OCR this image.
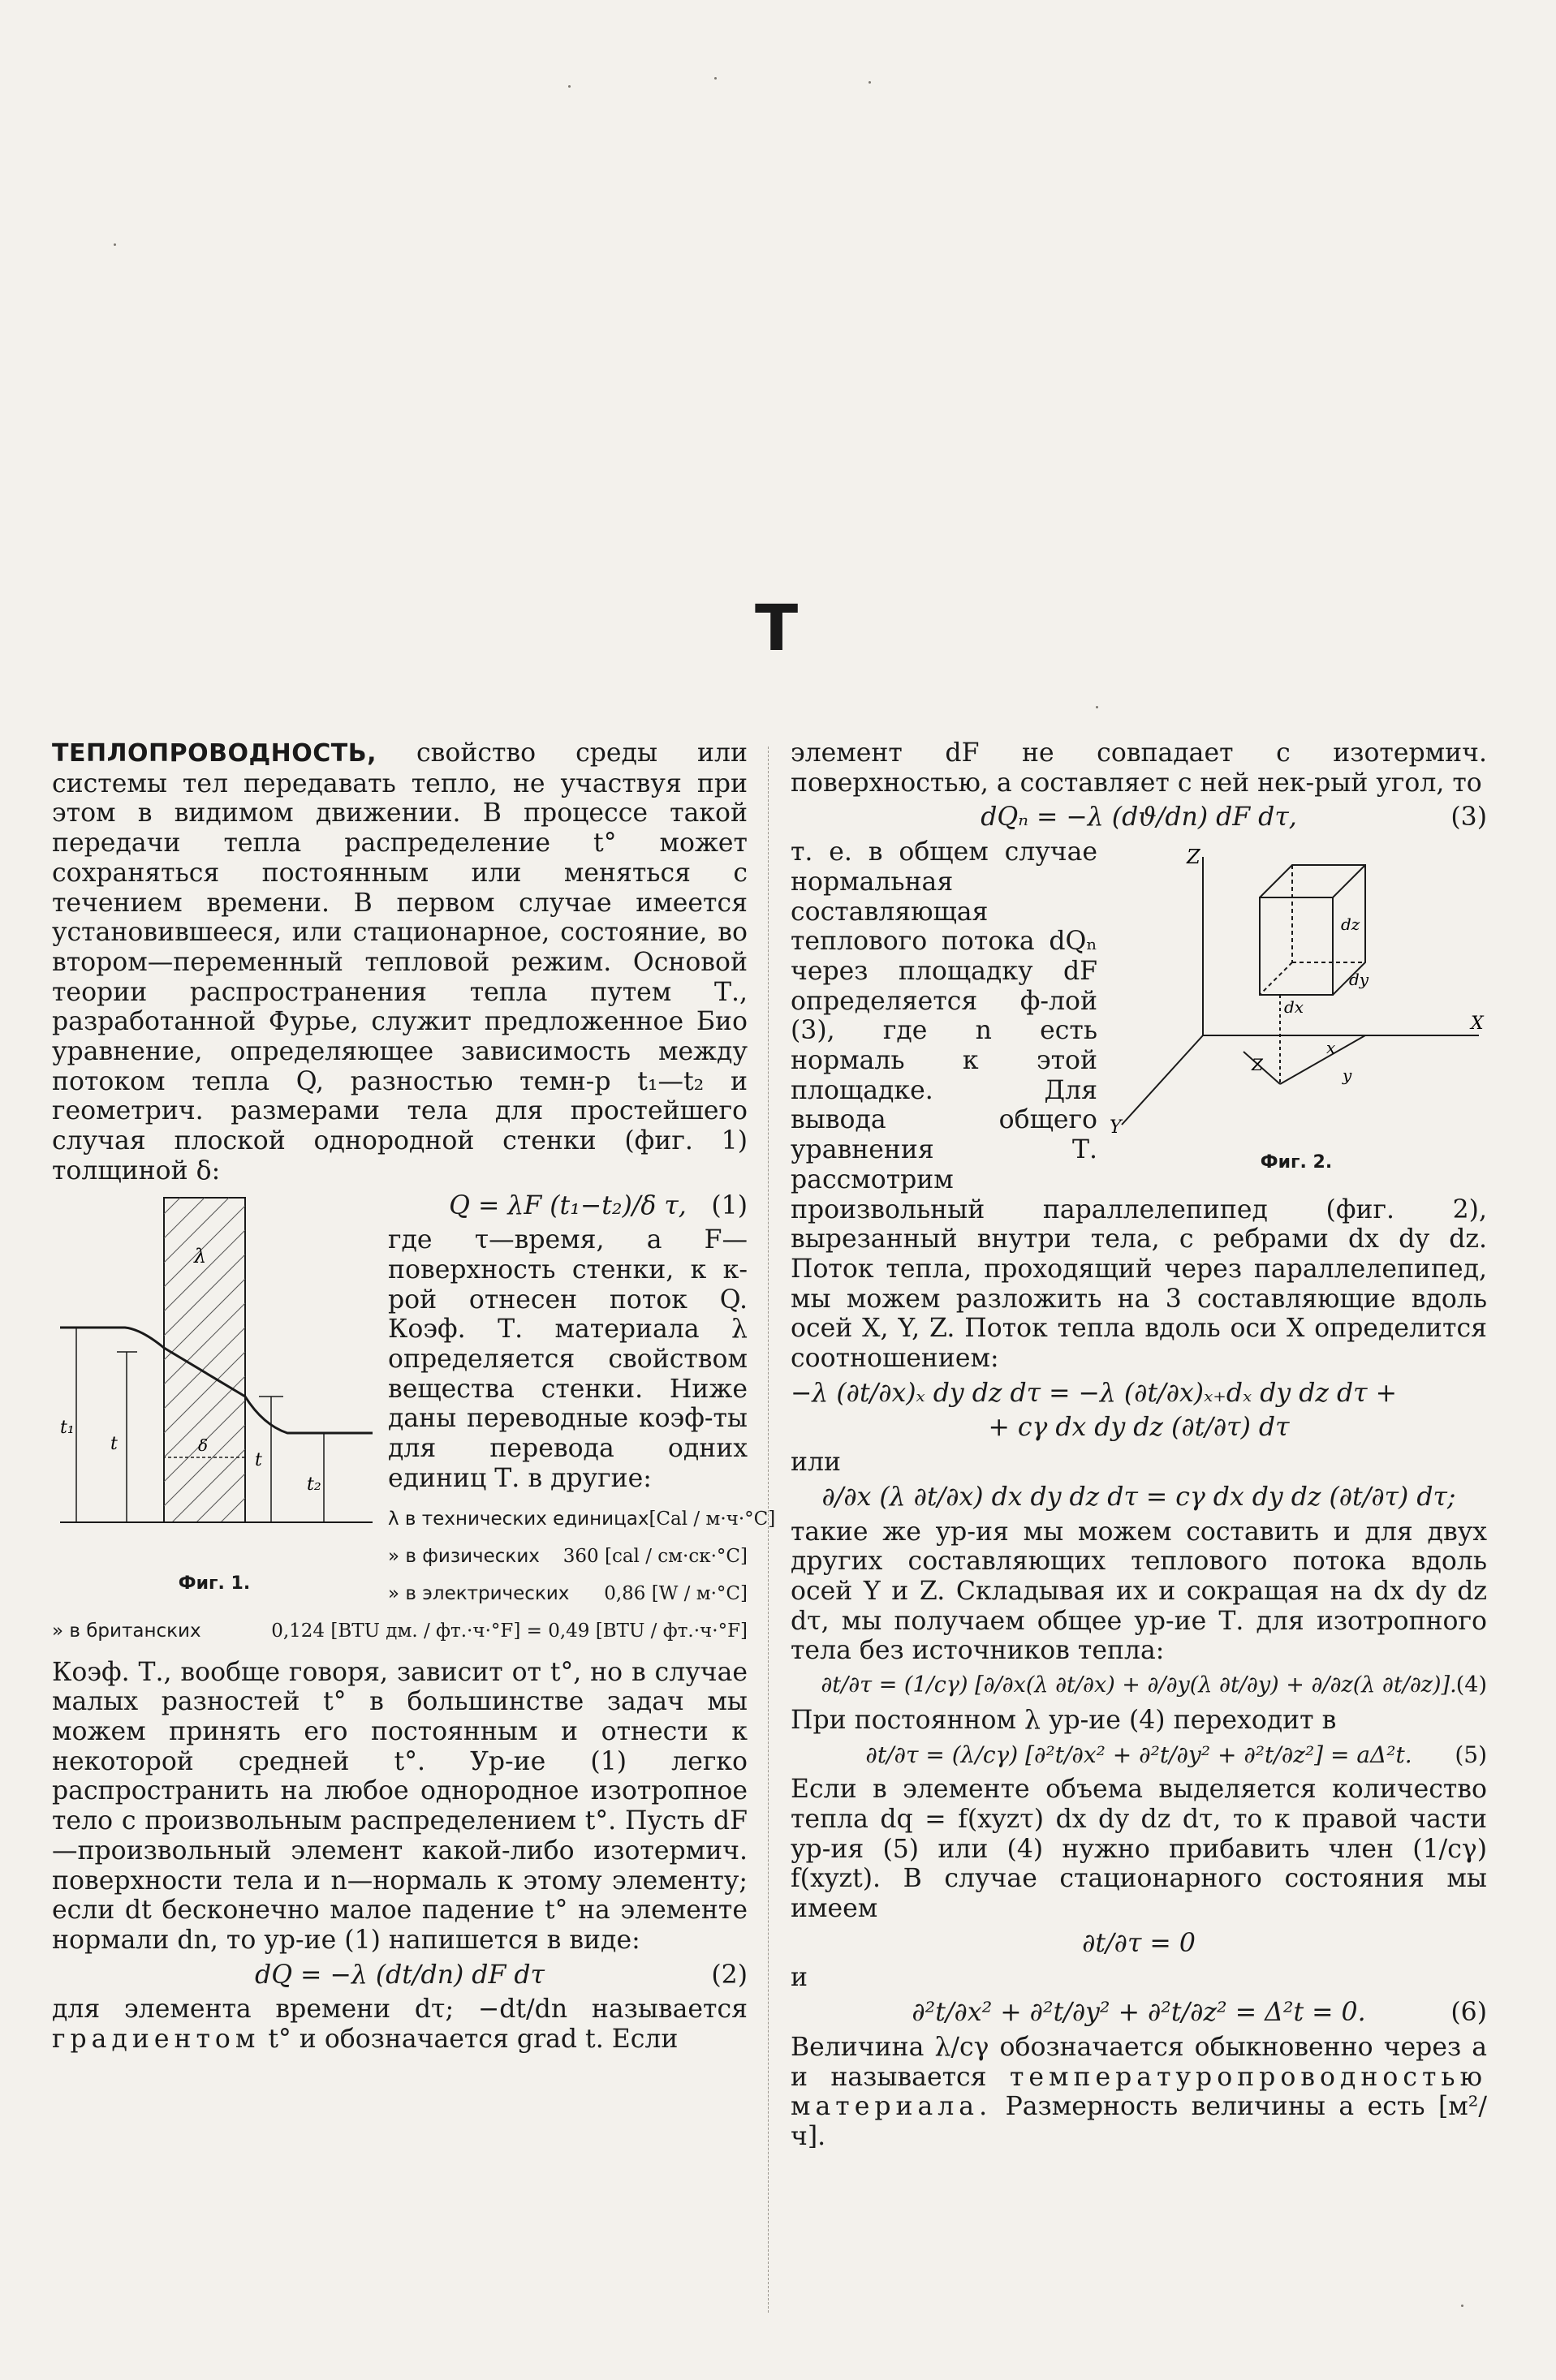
Т

ТЕПЛОПРОВОДНОСТЬ, свойство среды или системы тел передавать тепло, не участвуя при этом в видимом движении. В процессе такой передачи тепла распределение t° может сохраняться постоянным или меняться с течением времени. В первом случае имеется установившееся, или стационарное, состояние, во втором—переменный тепловой режим. Основой теории распространения тепла путем Т., разработанной Фурье, служит предложенное Био уравнение, определяющее зависимость между потоком тепла Q, разностью темн-р t₁—t₂ и геометрич. размерами тела для простейшего случая плоской однородной стенки (фиг. 1) толщиной δ:

λ
t₁
t
t
t₂
δ
Фиг. 1.
Q = λF (t₁−t₂)/δ τ, (1)

где τ—время, а F—поверхность стенки, к к-рой отнесен поток Q. Коэф. Т. материала λ определяется свойством вещества стенки. Ниже даны переводные коэф-ты для перевода одних единиц Т. в другие:

λ в технических единицах [Cal / м·ч·°C]
» в физических 360 [cal / см·ск·°C]
» в электрических 0,86 [W / м·°C]
» в британских	0,124 [BTU дм. / фт.·ч·°F] = 0,49 [BTU / фт.·ч·°F]

Коэф. Т., вообще говоря, зависит от t°, но в случае малых разностей t° в большинстве задач мы можем принять его постоянным и отнести к некоторой средней t°. Ур-ие (1) легко распространить на любое однородное изотропное тело с произвольным распределением t°. Пусть dF—произвольный элемент какой-либо изотермич. поверхности тела и n—нормаль к этому элементу; если dt бесконечно малое падение t° на элементе нормали dn, то ур-ие (1) напишется в виде:

dQ = −λ (dt/dn) dF dτ	(2)

для элемента времени dτ; −dt/dn называется градиентом t° и обозначается grad t. Если

элемент dF не совпадает с изотермич. поверхностью, а составляет с ней нек-рый угол, то

dQₙ = −λ (dϑ/dn) dF dτ,	(3)
Z
X
Y
dz
dy
dx
x
y
Z
Фиг. 2.

т. е. в общем случае нормальная составляющая теплового потока dQₙ через площадку dF определяется ф-лой (3), где n есть нормаль к этой площадке. Для вывода общего уравнения Т. рассмотрим произвольный параллелепипед (фиг. 2), вырезанный внутри тела, с ребрами dx dy dz. Поток тепла, проходящий через параллелепипед, мы можем разложить на 3 составляющие вдоль осей X, Y, Z. Поток тепла вдоль оси X определится соотношением:

−λ (∂t/∂x)ₓ dy dz dτ = −λ (∂t/∂x)ₓ₊dₓ dy dz dτ +
+ cγ dx dy dz (∂t/∂τ) dτ

или

∂/∂x (λ ∂t/∂x) dx dy dz dτ = cγ dx dy dz (∂t/∂τ) dτ;

такие же ур-ия мы можем составить и для двух других составляющих теплового потока вдоль осей Y и Z. Складывая их и сокращая на dx dy dz dτ, мы получаем общее ур-ие Т. для изотропного тела без источников тепла:

∂t/∂τ = (1/cγ) [∂/∂x(λ ∂t/∂x) + ∂/∂y(λ ∂t/∂y) + ∂/∂z(λ ∂t/∂z)]. (4)

При постоянном λ ур-ие (4) переходит в

∂t/∂τ = (λ/cγ) [∂²t/∂x² + ∂²t/∂y² + ∂²t/∂z²] = aΔ²t. (5)

Если в элементе объема выделяется количество тепла dq = f(xyzτ) dx dy dz dτ, то к правой части ур-ия (5) или (4) нужно прибавить член (1/cγ) f(xyzt). В случае стационарного состояния мы имеем

∂t/∂τ = 0

и

∂²t/∂x² + ∂²t/∂y² + ∂²t/∂z² = Δ²t = 0.	(6)

Величина λ/cγ обозначается обыкновенно через a и называется температуропроводностью материала. Размерность величины a есть [м²/ч].
